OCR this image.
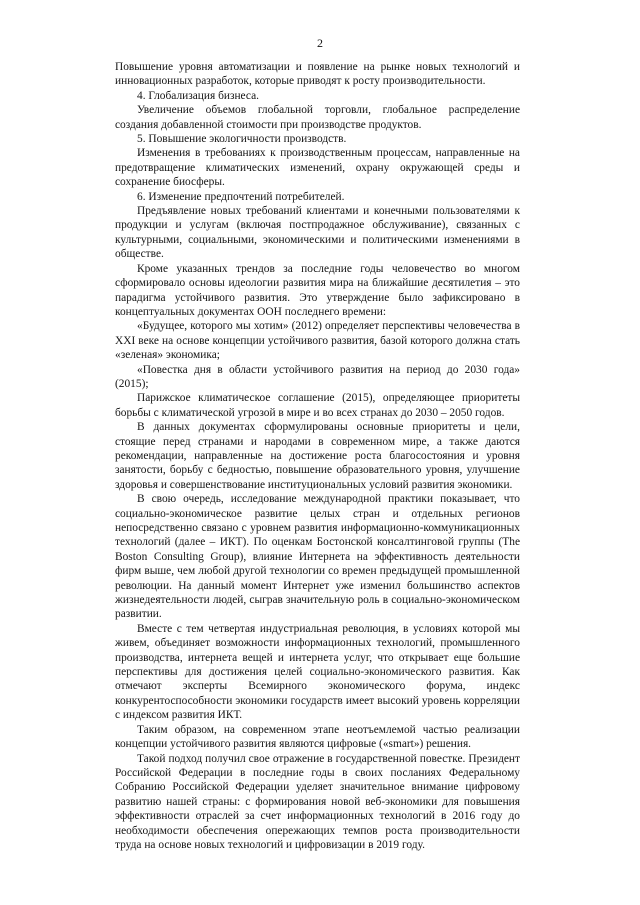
2

Повышение уровня автоматизации и появление на рынке новых технологий и инновационных разработок, которые приводят к росту производительности.

4. Глобализация бизнеса.

Увеличение объемов глобальной торговли, глобальное распределение создания добавленной стоимости при производстве продуктов.

5. Повышение экологичности производств.

Изменения в требованиях к производственным процессам, направленные на предотвращение климатических изменений, охрану окружающей среды и сохранение биосферы.

6. Изменение предпочтений потребителей.

Предъявление новых требований клиентами и конечными пользователями к продукции и услугам (включая постпродажное обслуживание), связанных с культурными, социальными, экономическими и политическими изменениями в обществе.

Кроме указанных трендов за последние годы человечество во многом сформировало основы идеологии развития мира на ближайшие десятилетия – это парадигма устойчивого развития. Это утверждение было зафиксировано в концептуальных документах ООН последнего времени:

«Будущее, которого мы хотим» (2012) определяет перспективы человечества в XXI веке на основе концепции устойчивого развития, базой которого должна стать «зеленая» экономика;

«Повестка дня в области устойчивого развития на период до 2030 года» (2015);

Парижское климатическое соглашение (2015), определяющее приоритеты борьбы с климатической угрозой в мире и во всех странах до 2030 – 2050 годов.

В данных документах сформулированы основные приоритеты и цели, стоящие перед странами и народами в современном мире, а также даются рекомендации, направленные на достижение роста благосостояния и уровня занятости, борьбу с бедностью, повышение образовательного уровня, улучшение здоровья и совершенствование институциональных условий развития экономики.

В свою очередь, исследование международной практики показывает, что социально-экономическое развитие целых стран и отдельных регионов непосредственно связано с уровнем развития информационно-коммуникационных технологий (далее – ИКТ). По оценкам Бостонской консалтинговой группы (The Boston Consulting Group), влияние Интернета на эффективность деятельности фирм выше, чем любой другой технологии со времен предыдущей промышленной революции. На данный момент Интернет уже изменил большинство аспектов жизнедеятельности людей, сыграв значительную роль в социально-экономическом развитии.

Вместе с тем четвертая индустриальная революция, в условиях которой мы живем, объединяет возможности информационных технологий, промышленного производства, интернета вещей и интернета услуг, что открывает еще большие перспективы для достижения целей социально-экономического развития. Как отмечают эксперты Всемирного экономического форума, индекс конкурентоспособности экономики государств имеет высокий уровень корреляции с индексом развития ИКТ.

Таким образом, на современном этапе неотъемлемой частью реализации концепции устойчивого развития являются цифровые («smart») решения.

Такой подход получил свое отражение в государственной повестке. Президент Российской Федерации в последние годы в своих посланиях Федеральному Собранию Российской Федерации уделяет значительное внимание цифровому развитию нашей страны: с формирования новой веб-экономики для повышения эффективности отраслей за счет информационных технологий в 2016 году до необходимости обеспечения опережающих темпов роста производительности труда на основе новых технологий и цифровизации в 2019 году.
